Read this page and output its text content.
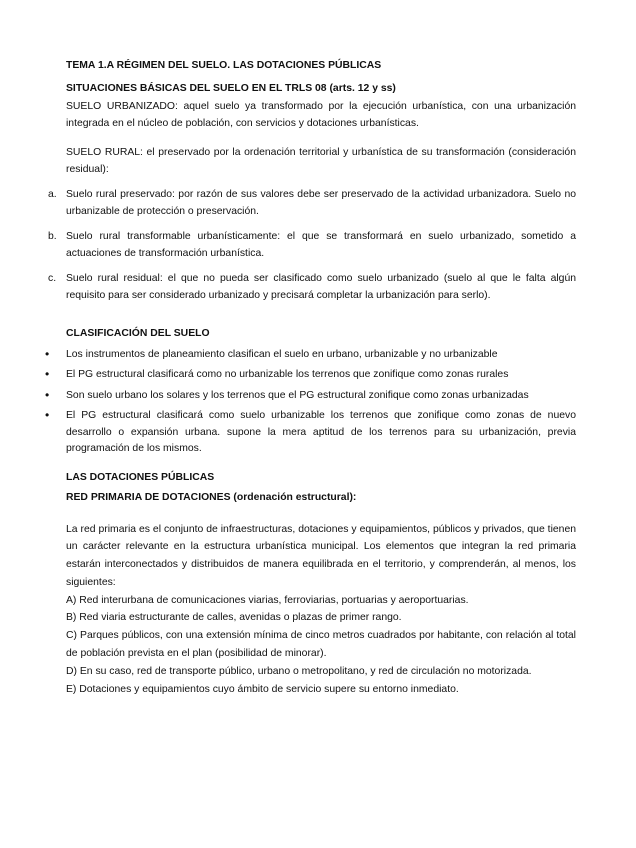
TEMA 1.A RÉGIMEN DEL SUELO. LAS DOTACIONES PÚBLICAS
SITUACIONES BÁSICAS DEL SUELO EN EL TRLS 08 (arts. 12 y ss)

SUELO URBANIZADO: aquel suelo ya transformado por la ejecución urbanística, con una urbanización integrada en el núcleo de población, con servicios y dotaciones urbanísticas.

SUELO RURAL: el preservado por la ordenación territorial y urbanística de su transformación (consideración residual):

a. Suelo rural preservado: por razón de sus valores debe ser preservado de la actividad urbanizadora. Suelo no urbanizable de protección o preservación.
b. Suelo rural transformable urbanísticamente: el que se transformará en suelo urbanizado, sometido a actuaciones de transformación urbanística.
c. Suelo rural residual: el que no pueda ser clasificado como suelo urbanizado (suelo al que le falta algún requisito para ser considerado urbanizado y precisará completar la urbanización para serlo).
CLASIFICACIÓN DEL SUELO
• Los instrumentos de planeamiento clasifican el suelo en urbano, urbanizable y no urbanizable
• El PG estructural clasificará como no urbanizable los terrenos que zonifique como zonas rurales
• Son suelo urbano los solares y los terrenos que el PG estructural zonifique como zonas urbanizadas
• El PG estructural clasificará como suelo urbanizable los terrenos que zonifique como zonas de nuevo desarrollo o expansión urbana. supone la mera aptitud de los terrenos para su urbanización, previa programación de los mismos.
LAS DOTACIONES PÚBLICAS
RED PRIMARIA DE DOTACIONES (ordenación estructural):

La red primaria es el conjunto de infraestructuras, dotaciones y equipamientos, públicos y privados, que tienen un carácter relevante en la estructura urbanística municipal. Los elementos que integran la red primaria estarán interconectados y distribuidos de manera equilibrada en el territorio, y comprenderán, al menos, los siguientes:

A) Red interurbana de comunicaciones viarias, ferroviarias, portuarias y aeroportuarias.
B) Red viaria estructurante de calles, avenidas o plazas de primer rango.
C) Parques públicos, con una extensión mínima de cinco metros cuadrados por habitante, con relación al total de población prevista en el plan (posibilidad de minorar).
D) En su caso, red de transporte público, urbano o metropolitano, y red de circulación no motorizada.
E) Dotaciones y equipamientos cuyo ámbito de servicio supere su entorno inmediato.
